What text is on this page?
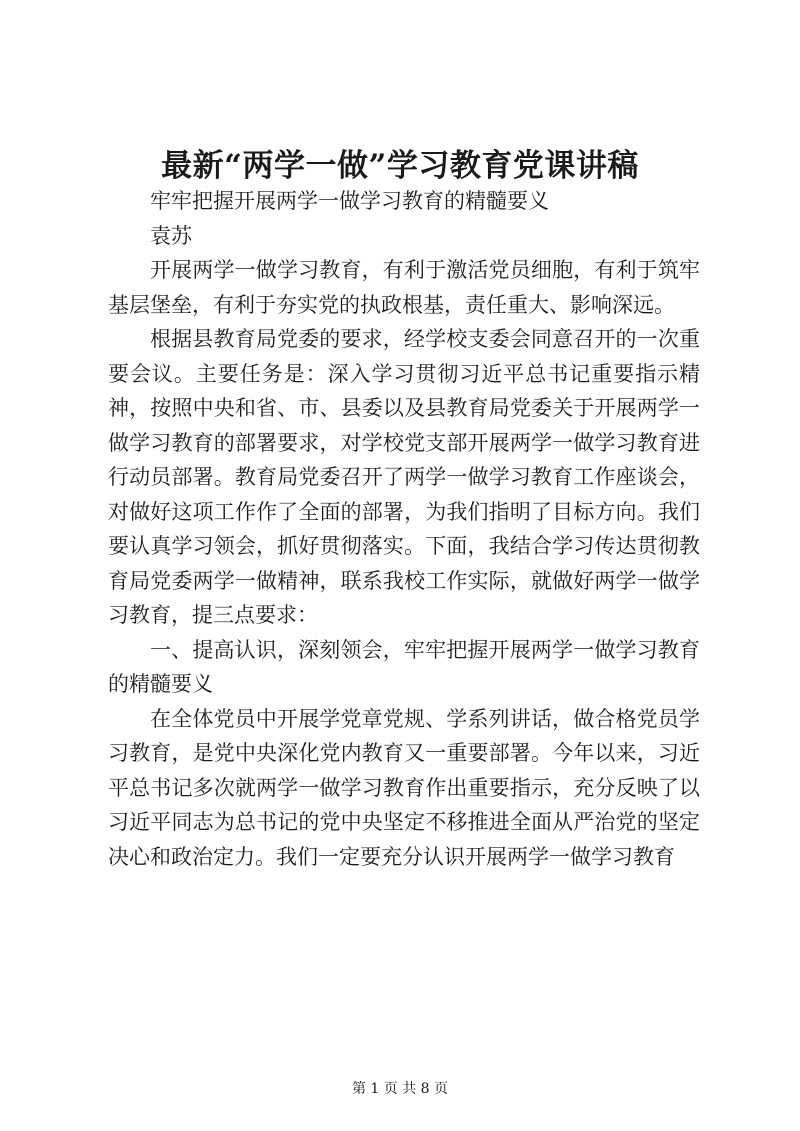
最新“两学一做”学习教育党课讲稿

牢牢把握开展两学一做学习教育的精髓要义

袁苏

开展两学一做学习教育，有利于激活党员细胞，有利于筑牢基层堡垒，有利于夯实党的执政根基，责任重大、影响深远。

根据县教育局党委的要求，经学校支委会同意召开的一次重要会议。主要任务是：深入学习贯彻习近平总书记重要指示精神，按照中央和省、市、县委以及县教育局党委关于开展两学一做学习教育的部署要求，对学校党支部开展两学一做学习教育进行动员部署。教育局党委召开了两学一做学习教育工作座谈会，对做好这项工作作了全面的部署，为我们指明了目标方向。我们要认真学习领会，抓好贯彻落实。下面，我结合学习传达贯彻教育局党委两学一做精神，联系我校工作实际，就做好两学一做学习教育，提三点要求：

一、提高认识，深刻领会，牢牢把握开展两学一做学习教育的精髓要义

在全体党员中开展学党章党规、学系列讲话，做合格党员学习教育，是党中央深化党内教育又一重要部署。今年以来，习近平总书记多次就两学一做学习教育作出重要指示，充分反映了以习近平同志为总书记的党中央坚定不移推进全面从严治党的坚定决心和政治定力。我们一定要充分认识开展两学一做学习教育

第 1 页 共 8 页
